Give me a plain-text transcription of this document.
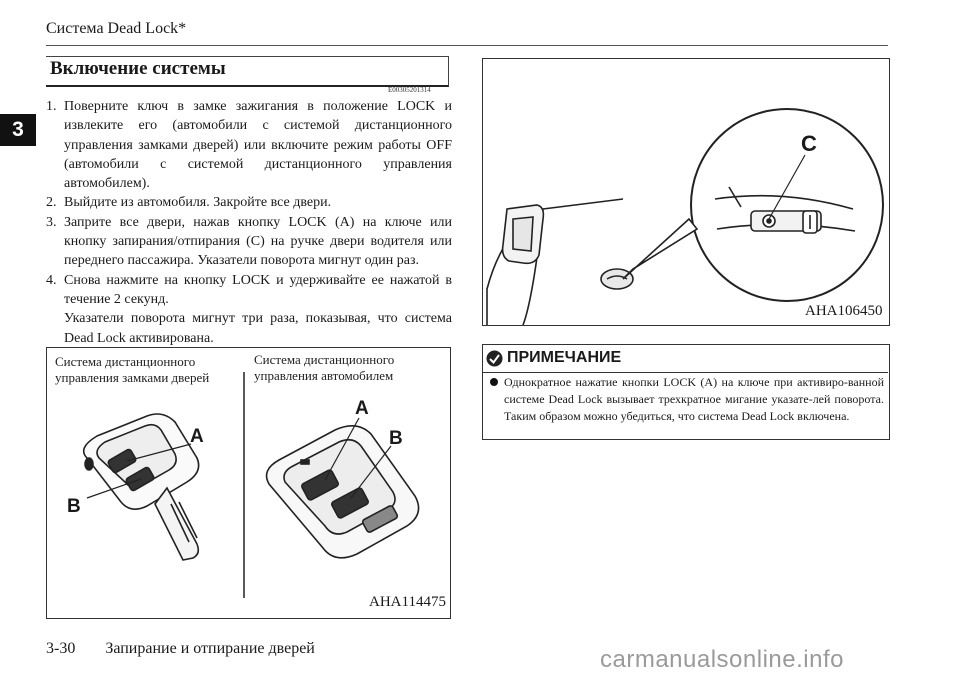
Система Dead Lock*
3
Включение системы
E00305201314
1. Поверните ключ в замке зажигания в положение LOCK и извлеките его (автомобили с системой дистанционного управления замками дверей) или включите режим работы OFF (автомобили с системой дистанционного управления автомобилем).
2. Выйдите из автомобиля. Закройте все двери.
3. Заприте все двери, нажав кнопку LOCK (A) на ключе или кнопку запирания/отпирания (C) на ручке двери водителя или переднего пассажира. Указатели поворота мигнут один раз.
4. Снова нажмите на кнопку LOCK и удерживайте ее нажатой в течение 2 секунд.
Указатели поворота мигнут три раза, показывая, что система Dead Lock активирована.
Система дистанционного управления замками дверей
Система дистанционного управления автомобилем
A
B
A
B
AHA114475
C
AHA106450
ПРИМЕЧАНИЕ
Однократное нажатие кнопки LOCK (A) на ключе при активиро-ванной системе Dead Lock вызывает трехкратное мигание указате-лей поворота. Таким образом можно убедиться, что система Dead Lock включена.
3-30 Запирание и отпирание дверей	carmanualsonline.info
